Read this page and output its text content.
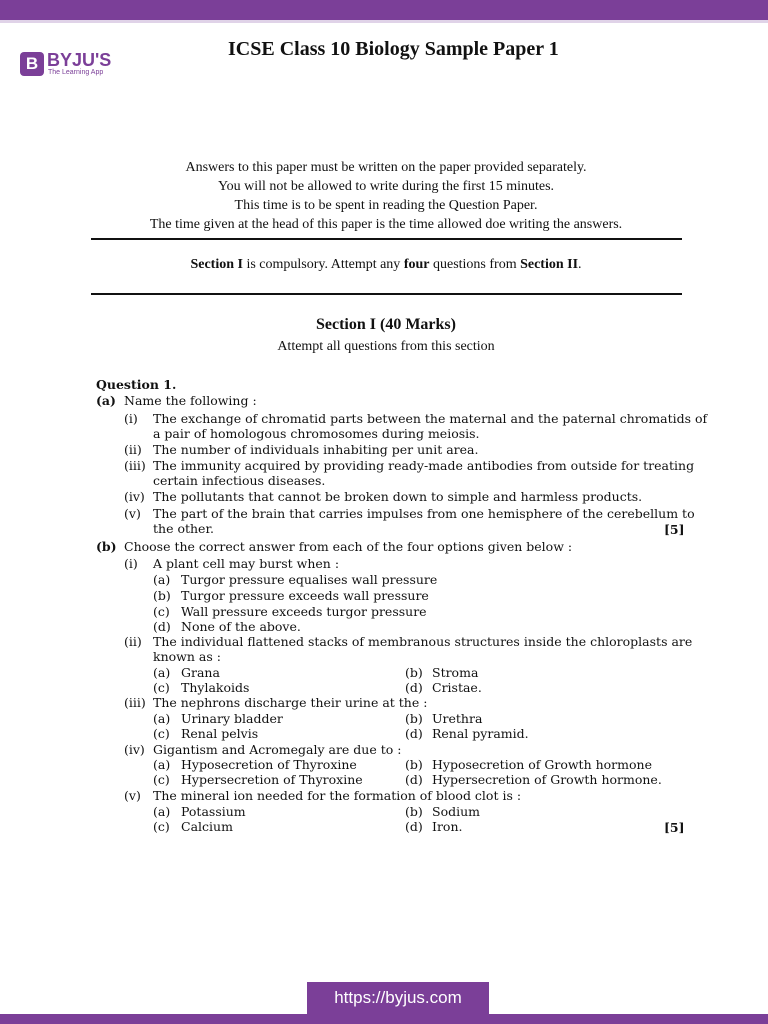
B BYJU'S
The Learning App
ICSE Class 10 Biology Sample Paper 1
Answers to this paper must be written on the paper provided separately.
You will not be allowed to write during the first 15 minutes.
This time is to be spent in reading the Question Paper.
The time given at the head of this paper is the time allowed doe writing the answers.
Section I is compulsory. Attempt any four questions from Section II.
Section I (40 Marks)
Attempt all questions from this section
Question 1.
(a) Name the following :
(i) The exchange of chromatid parts between the maternal and the paternal chromatids of
a pair of homologous chromosomes during meiosis.
(ii) The number of individuals inhabiting per unit area.
(iii) The immunity acquired by providing ready-made antibodies from outside for treating
certain infectious diseases.
(iv) The pollutants that cannot be broken down to simple and harmless products.
(v) The part of the brain that carries impulses from one hemisphere of the cerebellum to
the other.	[5]
(b) Choose the correct answer from each of the four options given below :
(i) A plant cell may burst when :
(a) Turgor pressure equalises wall pressure
(b) Turgor pressure exceeds wall pressure
(c) Wall pressure exceeds turgor pressure
(d) None of the above.
(ii) The individual flattened stacks of membranous structures inside the chloroplasts are
known as :
(a) Grana	(b) Stroma
(c) Thylakoids	(d) Cristae.
(iii) The nephrons discharge their urine at the :
(a) Urinary bladder	(b) Urethra
(c) Renal pelvis	(d) Renal pyramid.
(iv) Gigantism and Acromegaly are due to :
(a) Hyposecretion of Thyroxine	(b) Hyposecretion of Growth hormone
(c) Hypersecretion of Thyroxine	(d) Hypersecretion of Growth hormone.
(v) The mineral ion needed for the formation of blood clot is :
(a) Potassium	(b) Sodium
(c) Calcium	(d) Iron.	[5]
https://byjus.com
